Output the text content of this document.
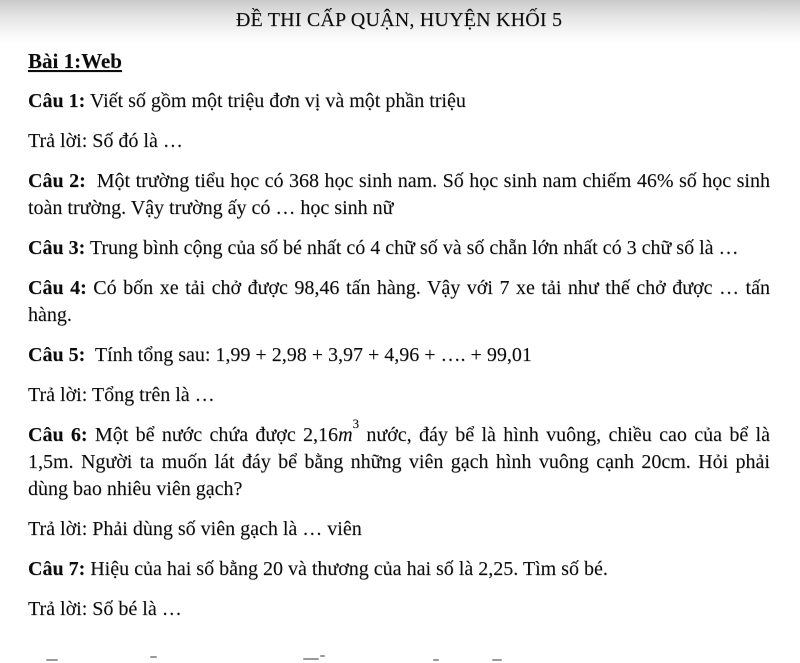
ĐỀ THI CẤP QUẬN, HUYỆN KHỐI 5
Bài 1:Web

Câu 1: Viết số gồm một triệu đơn vị và một phần triệu

Trả lời: Số đó là …

Câu 2:  Một trường tiểu học có 368 học sinh nam. Số học sinh nam chiếm 46% số học sinh toàn trường. Vậy trường ấy có … học sinh nữ

Câu 3: Trung bình cộng của số bé nhất có 4 chữ số và số chẵn lớn nhất có 3 chữ số là …

Câu 4: Có bốn xe tải chở được 98,46 tấn hàng. Vậy với 7 xe tải như thế chở được … tấn hàng.

Câu 5:  Tính tổng sau: 1,99 + 2,98 + 3,97 + 4,96 + …. + 99,01

Trả lời: Tổng trên là …

Câu 6: Một bể nước chứa được $2,16m^3$ nước, đáy bể là hình vuông, chiều cao của bể là 1,5m. Người ta muốn lát đáy bể bằng những viên gạch hình vuông cạnh 20cm. Hỏi phải dùng bao nhiêu viên gạch?

Trả lời: Phải dùng số viên gạch là … viên

Câu 7: Hiệu của hai số bằng 20 và thương của hai số là 2,25. Tìm số bé.

Trả lời: Số bé là …
